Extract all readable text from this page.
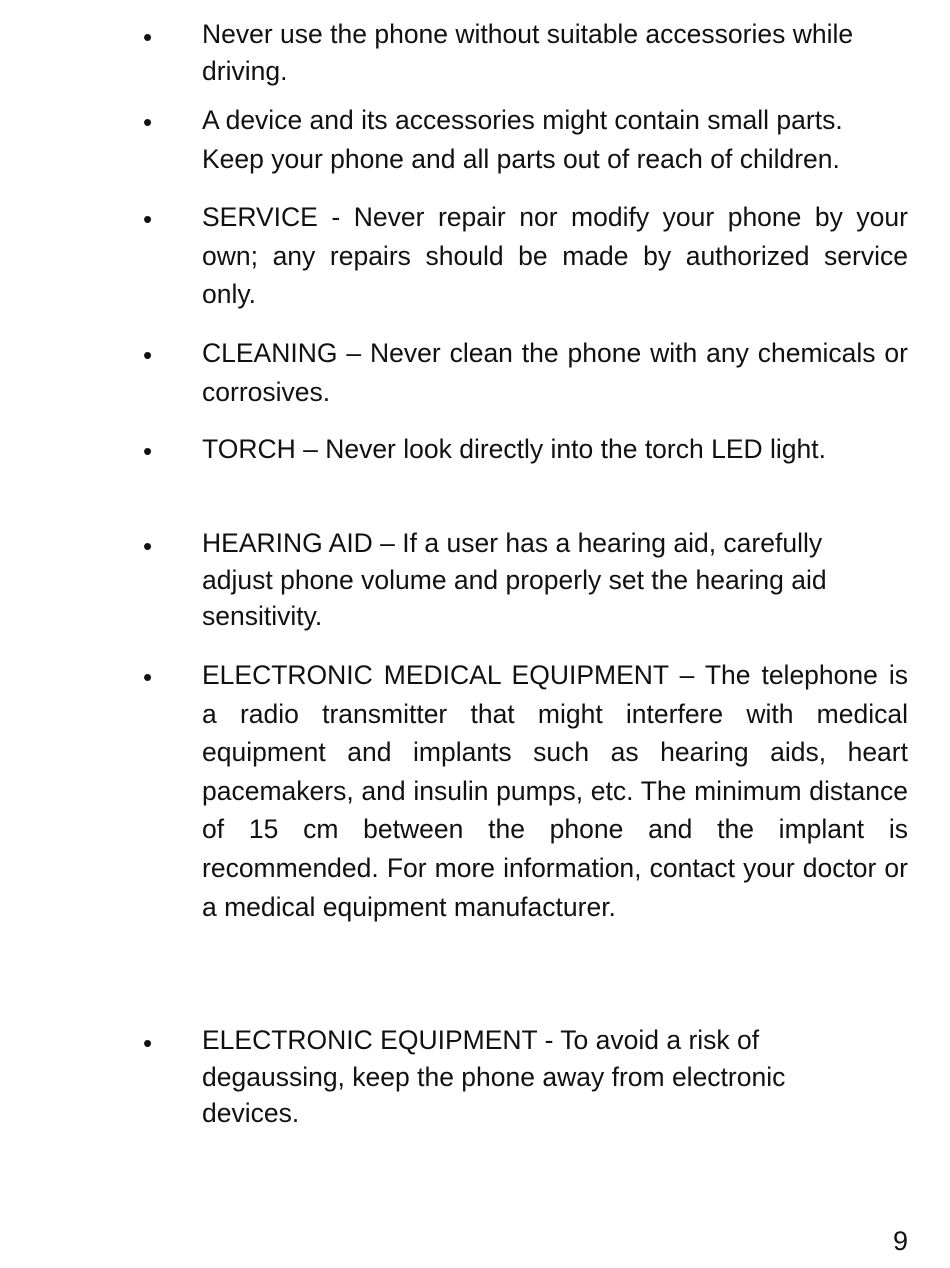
• Never use the phone without suitable accessories while driving.

• A device and its accessories might contain small parts. Keep your phone and all parts out of reach of children.

• SERVICE - Never repair nor modify your phone by your own; any repairs should be made by authorized service only.

• CLEANING – Never clean the phone with any chemicals or corrosives.

• TORCH – Never look directly into the torch LED light.

• HEARING AID – If a user has a hearing aid, carefully adjust phone volume and properly set the hearing aid sensitivity.

• ELECTRONIC MEDICAL EQUIPMENT – The telephone is a radio transmitter that might interfere with medical equipment and implants such as hearing aids, heart pacemakers, and insulin pumps, etc. The minimum distance of 15 cm between the phone and the implant is recommended. For more information, contact your doctor or a medical equipment manufacturer.

• ELECTRONIC EQUIPMENT - To avoid a risk of degaussing, keep the phone away from electronic devices.

9
